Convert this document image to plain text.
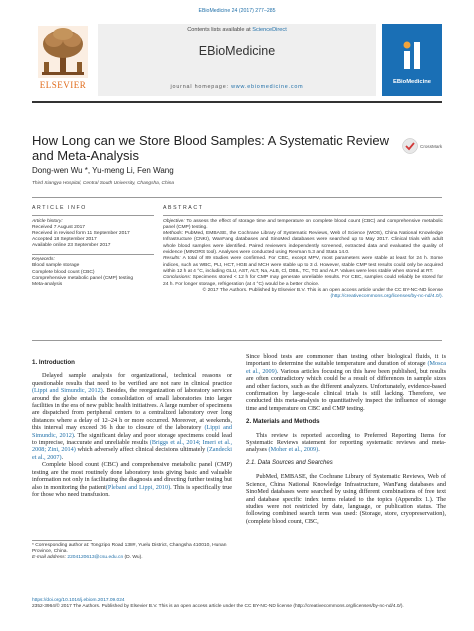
EBioMedicine 24 (2017) 277–285
ELSEVIER
Contents lists available at ScienceDirect
EBioMedicine
journal homepage: www.ebiomedicine.com
EBioMedicine
How Long can we Store Blood Samples: A Systematic Review and Meta-Analysis
CrossMark
Dong-wen Wu *, Yu-meng Li, Fen Wang
Third Xiangya Hospital, Central South University, Changsha, China
ARTICLE INFO
Article history:
Received 7 August 2017
Received in revised form 11 September 2017
Accepted 18 September 2017
Available online 23 September 2017
Keywords:
Blood sample storage
Complete blood count (CBC)
Comprehensive metabolic panel (CMP) testing
Meta-analysis
ABSTRACT

Objective: To assess the effect of storage time and temperature on complete blood count (CBC) and comprehensive metabolic panel (CMP) testing.

Methods: PubMed, EMBASE, the Cochrane Library of Systematic Reviews, Web of Science (WOS), China National Knowledge Infrastructure (CNKI), WanFang databases and SinoMed databases were searched up to May 2017. Clinical trials with adult whole blood samples were identified. Paired reviewers independently screened, extracted data and evaluated the quality of evidence (MINORS tool). Analyses were conducted using Revman 5.3 and Stata 14.0.

Results: A total of 89 studies were confirmed. For CBC, except MPV, most parameters were stable at least for 24 h. Some indices, such as WBC, PLt, HCT, HGB and MCH were stable up to 3 d. However, stable CMP test results could only be acquired within 12 h at 4 °C, including GLU, AST, ALT, Na, ALB, Cl, DBIL, TC, TG and ALP. Values were less stable when stored at RT.

Conclusions: Specimens stored < 12 h for CMP may generate unreliable results. For CBC, samples could reliably be stored for 24 h. For longer storage, refrigeration (at 4 °C) would be a better choice.

© 2017 The Authors. Published by Elsevier B.V. This is an open access article under the CC BY-NC-ND license

(http://creativecommons.org/licenses/by-nc-nd/4.0/).

1. Introduction

Delayed sample analysis for organizational, technical reasons or questionable results that need to be verified are not rare in clinical practice (Lippi and Simundic, 2012). Besides, the reorganization of laboratory services around the globe entails the consolidation of small laboratories into larger facilities in the era of new public health initiatives. A large number of specimens are dispatched from peripheral centers to a centralized laboratory over long distances where a delay of 12–24 h or more occurred. Moreover, at weekends, this interval may exceed 36 h due to closure of the laboratory (Lippi and Simundic, 2012). The significant delay and poor storage specimens could lead to imprecise, inaccurate and unreliable results (Briggs et al., 2014; Imeri et al., 2008; Zini, 2014) which adversely affect clinical decisions ultimately (Zandecki et al., 2007).

Complete blood count (CBC) and comprehensive metabolic panel (CMP) testing are the most routinely done laboratory tests giving basic and valuable information not only in facilitating the diagnosis and directing further testing but also in monitoring the patient(Plebani and Lippi, 2010). This is specifically true for those who need transfusion.

Since blood tests are commoner than testing other biological fluids, it is important to determine the suitable temperature and duration of storage (Mosca et al., 2009). Various articles focusing on this have been published, but results are often contradictory which could be a result of differences in sample sizes and other factors, such as the different analyzers. Unfortunately, evidence-based confirmation by large-scale clinical trials is still lacking. Therefore, we conducted this meta-analysis to quantitatively inspect the influence of storage time and temperature on CBC and CMP testing.

2. Materials and Methods

This review is reported according to Preferred Reporting Items for Systematic Reviews statement for reporting systematic reviews and meta-analyses (Moher et al., 2009).

2.1. Data Sources and Searches

PubMed, EMBASE, the Cochrane Library of Systematic Reviews, Web of Science, China National Knowledge Infrastructure, WanFang databases and SinoMed databases were searched by using different combinations of free text and database specific index terms related to the topics (Appendix 1.). The studies were not restricted by date, language, or publication status. The following combined search term was used: (Storage, store, cryopreservation), (complete blood count, CBC,

* Corresponding author at: Tongzipo Road 138#, Yuelu District, Changsha 410010, Hunan Province, China.
E-mail address: 2204120613@csu.edu.cn (D. Wu).
https://doi.org/10.1016/j.ebiom.2017.09.024
2352-3964/© 2017 The Authors. Published by Elsevier B.V. This is an open access article under the CC BY-NC-ND license (http://creativecommons.org/licenses/by-nc-nd/4.0/).
